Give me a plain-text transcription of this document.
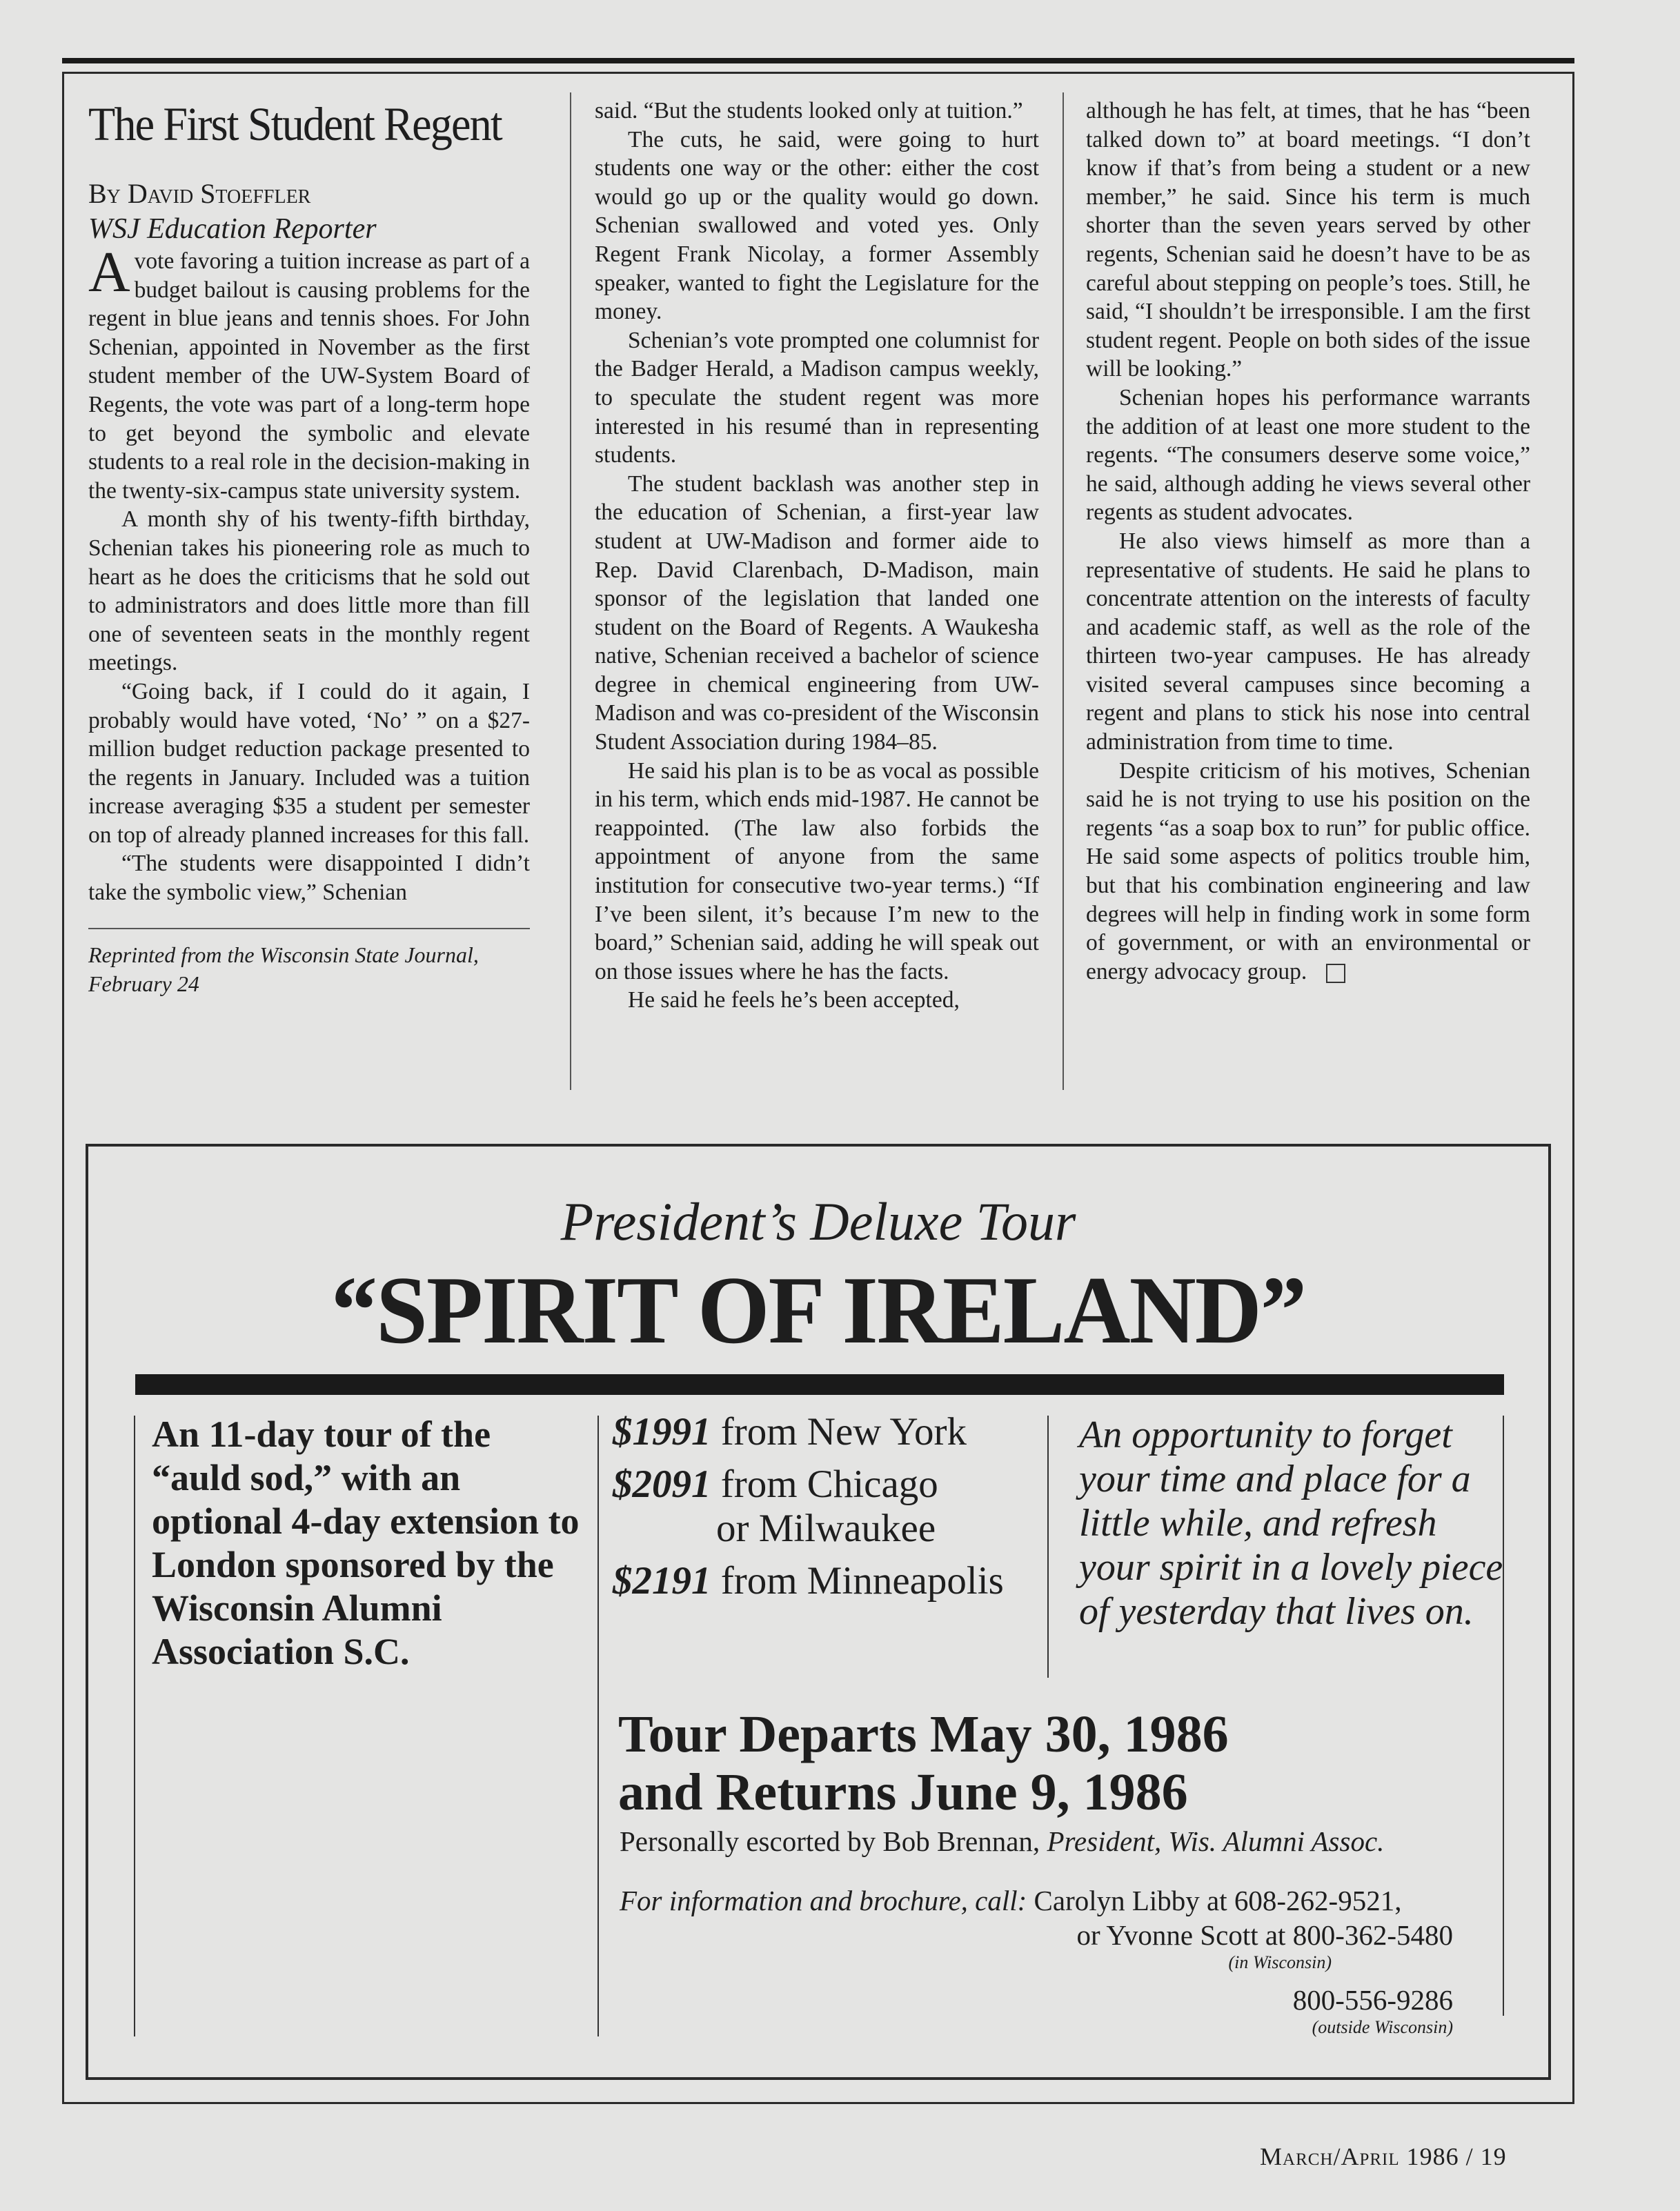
The First Student Regent

By David Stoeffler

WSJ Education Reporter

A vote favoring a tuition increase as part of a budget bailout is causing problems for the regent in blue jeans and tennis shoes. For John Schenian, appointed in November as the first student member of the UW-System Board of Regents, the vote was part of a long-term hope to get beyond the symbolic and elevate students to a real role in the decision-making in the twenty-six-campus state university system.

A month shy of his twenty-fifth birthday, Schenian takes his pioneering role as much to heart as he does the criticisms that he sold out to administrators and does little more than fill one of seventeen seats in the monthly regent meetings.

“Going back, if I could do it again, I probably would have voted, ‘No’ ” on a $27-million budget reduction package presented to the regents in January. Included was a tuition increase averaging $35 a student per semester on top of already planned increases for this fall.

“The students were disappointed I didn’t take the symbolic view,” Schenian

Reprinted from the Wisconsin State Journal, February 24

said. “But the students looked only at tuition.”

The cuts, he said, were going to hurt students one way or the other: either the cost would go up or the quality would go down. Schenian swallowed and voted yes. Only Regent Frank Nicolay, a former Assembly speaker, wanted to fight the Legislature for the money.

Schenian’s vote prompted one columnist for the Badger Herald, a Madison campus weekly, to speculate the student regent was more interested in his resumé than in representing students.

The student backlash was another step in the education of Schenian, a first-year law student at UW-Madison and former aide to Rep. David Clarenbach, D-Madison, main sponsor of the legislation that landed one student on the Board of Regents. A Waukesha native, Schenian received a bachelor of science degree in chemical engineering from UW-Madison and was co-president of the Wisconsin Student Association during 1984–85.

He said his plan is to be as vocal as possible in his term, which ends mid-1987. He cannot be reappointed. (The law also forbids the appointment of anyone from the same institution for consecutive two-year terms.) “If I’ve been silent, it’s because I’m new to the board,” Schenian said, adding he will speak out on those issues where he has the facts.

He said he feels he’s been accepted,

although he has felt, at times, that he has “been talked down to” at board meetings. “I don’t know if that’s from being a student or a new member,” he said. Since his term is much shorter than the seven years served by other regents, Schenian said he doesn’t have to be as careful about stepping on people’s toes. Still, he said, “I shouldn’t be irresponsible. I am the first student regent. People on both sides of the issue will be looking.”

Schenian hopes his performance warrants the addition of at least one more student to the regents. “The consumers deserve some voice,” he said, although adding he views several other regents as student advocates.

He also views himself as more than a representative of students. He said he plans to concentrate attention on the interests of faculty and academic staff, as well as the role of the thirteen two-year campuses. He has already visited several campuses since becoming a regent and plans to stick his nose into central administration from time to time.

Despite criticism of his motives, Schenian said he is not trying to use his position on the regents “as a soap box to run” for public office. He said some aspects of politics trouble him, but that his combination engineering and law degrees will help in finding work in some form of government, or with an environmental or energy advocacy group.

President’s Deluxe Tour
“SPIRIT OF IRELAND”
An 11-day tour of the “auld sod,” with an optional 4-day extension to London sponsored by the Wisconsin Alumni Association S.C.
$1991 from New York
$2091 from Chicago
or Milwaukee
$2191 from Minneapolis
An opportunity to forget your time and place for a little while, and refresh your spirit in a lovely piece of yesterday that lives on.
Tour Departs May 30, 1986
and Returns June 9, 1986
Personally escorted by Bob Brennan, President, Wis. Alumni Assoc.
For information and brochure, call: Carolyn Libby at 608-262-9521,
or Yvonne Scott at 800-362-5480
(in Wisconsin)
800-556-9286
(outside Wisconsin)
March/April 1986 / 19
